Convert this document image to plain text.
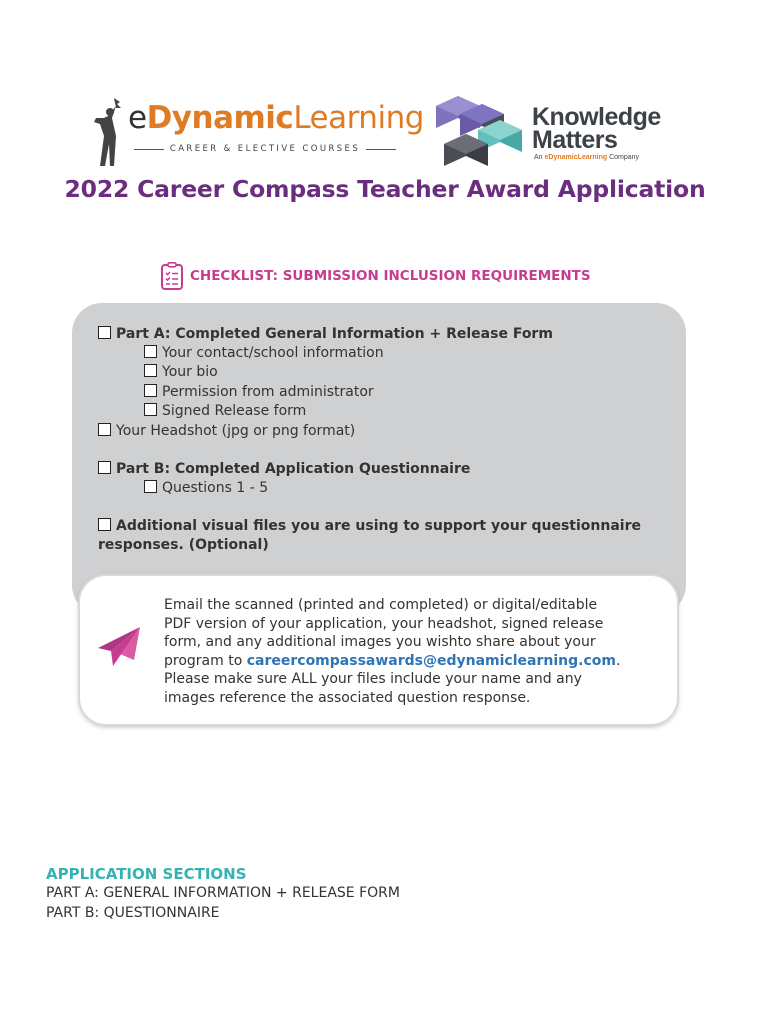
eDynamicLearning
CAREER & ELECTIVE COURSES
Knowledge
Matters
An eDynamicLearning Company
2022 Career Compass Teacher Award Application
CHECKLIST: SUBMISSION INCLUSION REQUIREMENTS
Part A: Completed General Information + Release Form
Your contact/school information
Your bio
Permission from administrator
Signed Release form
Your Headshot (jpg or png format)
Part B: Completed Application Questionnaire
Questions 1 - 5
Additional visual files you are using to support your questionnaire
responses. (Optional)
Email the scanned (printed and completed) or digital/editable
PDF version of your application, your headshot, signed release
form, and any additional images you wishto share about your
program to careercompassawards@edynamiclearning.com.
Please make sure ALL your files include your name and any
images reference the associated question response.
APPLICATION SECTIONS
PART A: GENERAL INFORMATION + RELEASE FORM
PART B: QUESTIONNAIRE
